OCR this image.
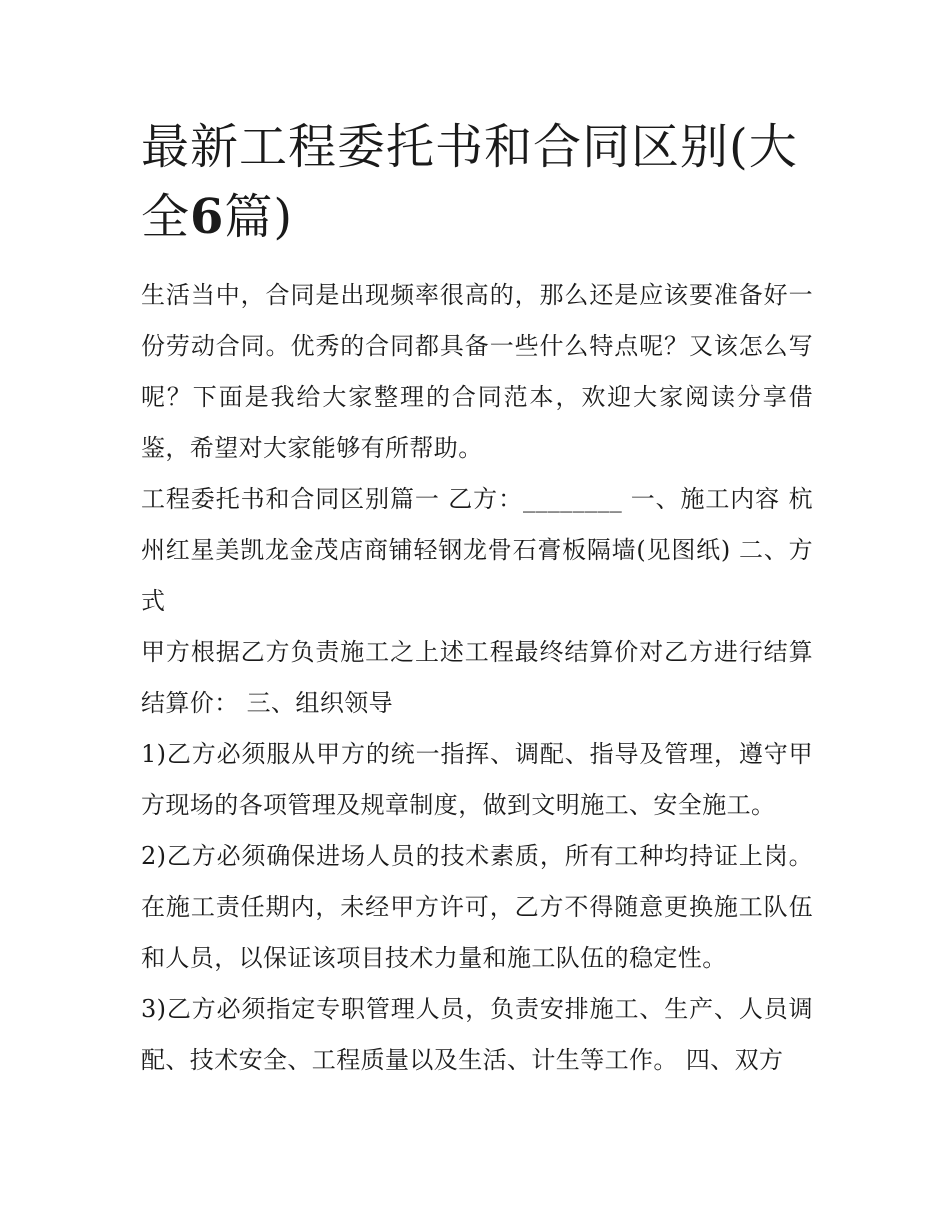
最新工程委托书和合同区别(大全6篇)

生活当中，合同是出现频率很高的，那么还是应该要准备好一份劳动合同。优秀的合同都具备一些什么特点呢？又该怎么写呢？下面是我给大家整理的合同范本，欢迎大家阅读分享借鉴，希望对大家能够有所帮助。

工程委托书和合同区别篇一 乙方：________ 一、施工内容 杭州红星美凯龙金茂店商铺轻钢龙骨石膏板隔墙(见图纸) 二、方式

甲方根据乙方负责施工之上述工程最终结算价对乙方进行结算结算价： 三、组织领导

1)乙方必须服从甲方的统一指挥、调配、指导及管理，遵守甲方现场的各项管理及规章制度，做到文明施工、安全施工。

2)乙方必须确保进场人员的技术素质，所有工种均持证上岗。在施工责任期内，未经甲方许可，乙方不得随意更换施工队伍和人员，以保证该项目技术力量和施工队伍的稳定性。

3)乙方必须指定专职管理人员，负责安排施工、生产、人员调配、技术安全、工程质量以及生活、计生等工作。 四、双方
